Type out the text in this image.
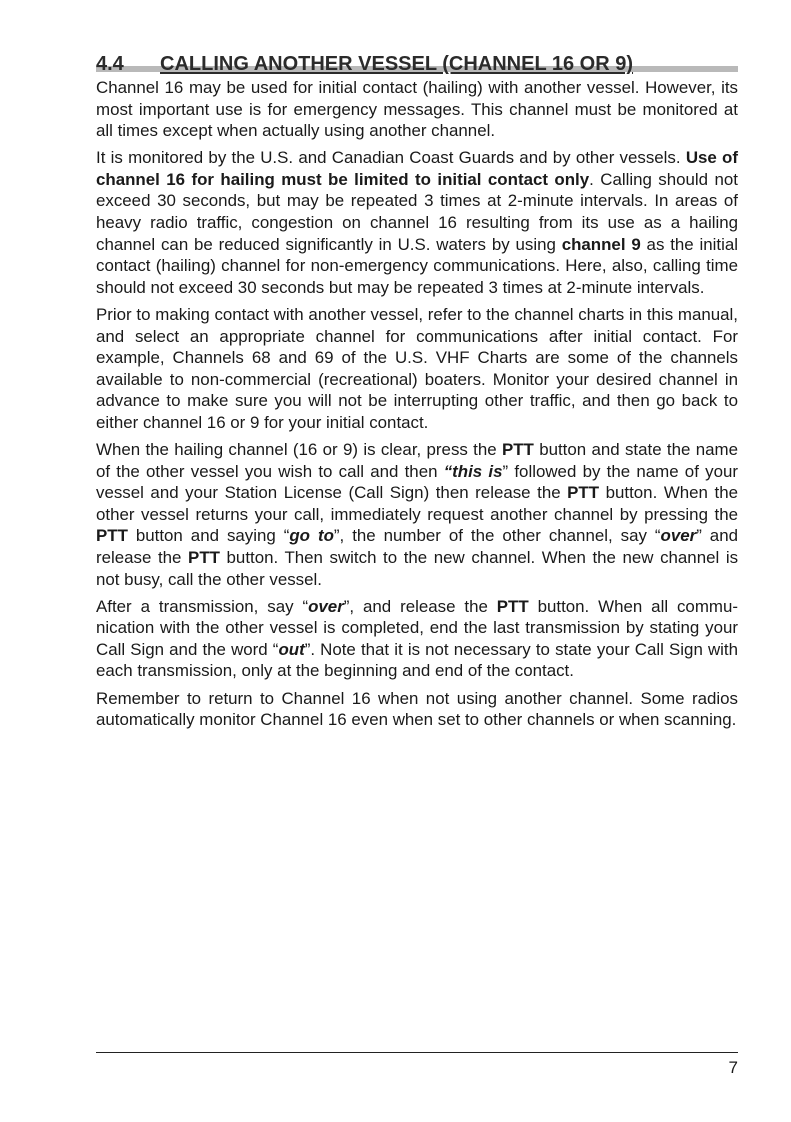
4.4 CALLING ANOTHER VESSEL (CHANNEL 16 OR 9)

Channel 16 may be used for initial contact (hailing) with another vessel. However, its most important use is for emergency messages. This channel must be monitored at all times except when actually using another channel.

It is monitored by the U.S. and Canadian Coast Guards and by other vessels. Use of channel 16 for hailing must be limited to initial contact only. Calling should not exceed 30 seconds, but may be repeated 3 times at 2-minute intervals. In areas of heavy radio traffic, congestion on channel 16 resulting from its use as a hailing channel can be reduced significantly in U.S. waters by using channel 9 as the initial contact (hailing) channel for non-emergency communications. Here, also, calling time should not exceed 30 seconds but may be repeated 3 times at 2-minute intervals.

Prior to making contact with another vessel, refer to the channel charts in this manual, and select an appropriate channel for communications after initial contact. For example, Channels 68 and 69 of the U.S. VHF Charts are some of the channels available to non-commercial (recreational) boaters. Monitor your desired channel in advance to make sure you will not be interrupting other traffic, and then go back to either channel 16 or 9 for your initial contact.

When the hailing channel (16 or 9) is clear, press the PTT button and state the name of the other vessel you wish to call and then “this is” followed by the name of your vessel and your Station License (Call Sign) then release the PTT button. When the other vessel returns your call, immediately request another channel by pressing the PTT button and saying “go to”, the number of the other channel, say “over” and release the PTT button. Then switch to the new channel. When the new channel is not busy, call the other vessel.

After a transmission, say “over”, and release the PTT button. When all communication with the other vessel is completed, end the last transmission by stating your Call Sign and the word “out”. Note that it is not necessary to state your Call Sign with each transmission, only at the beginning and end of the contact.

Remember to return to Channel 16 when not using another channel. Some radios automatically monitor Channel 16 even when set to other channels or when scanning.

7
